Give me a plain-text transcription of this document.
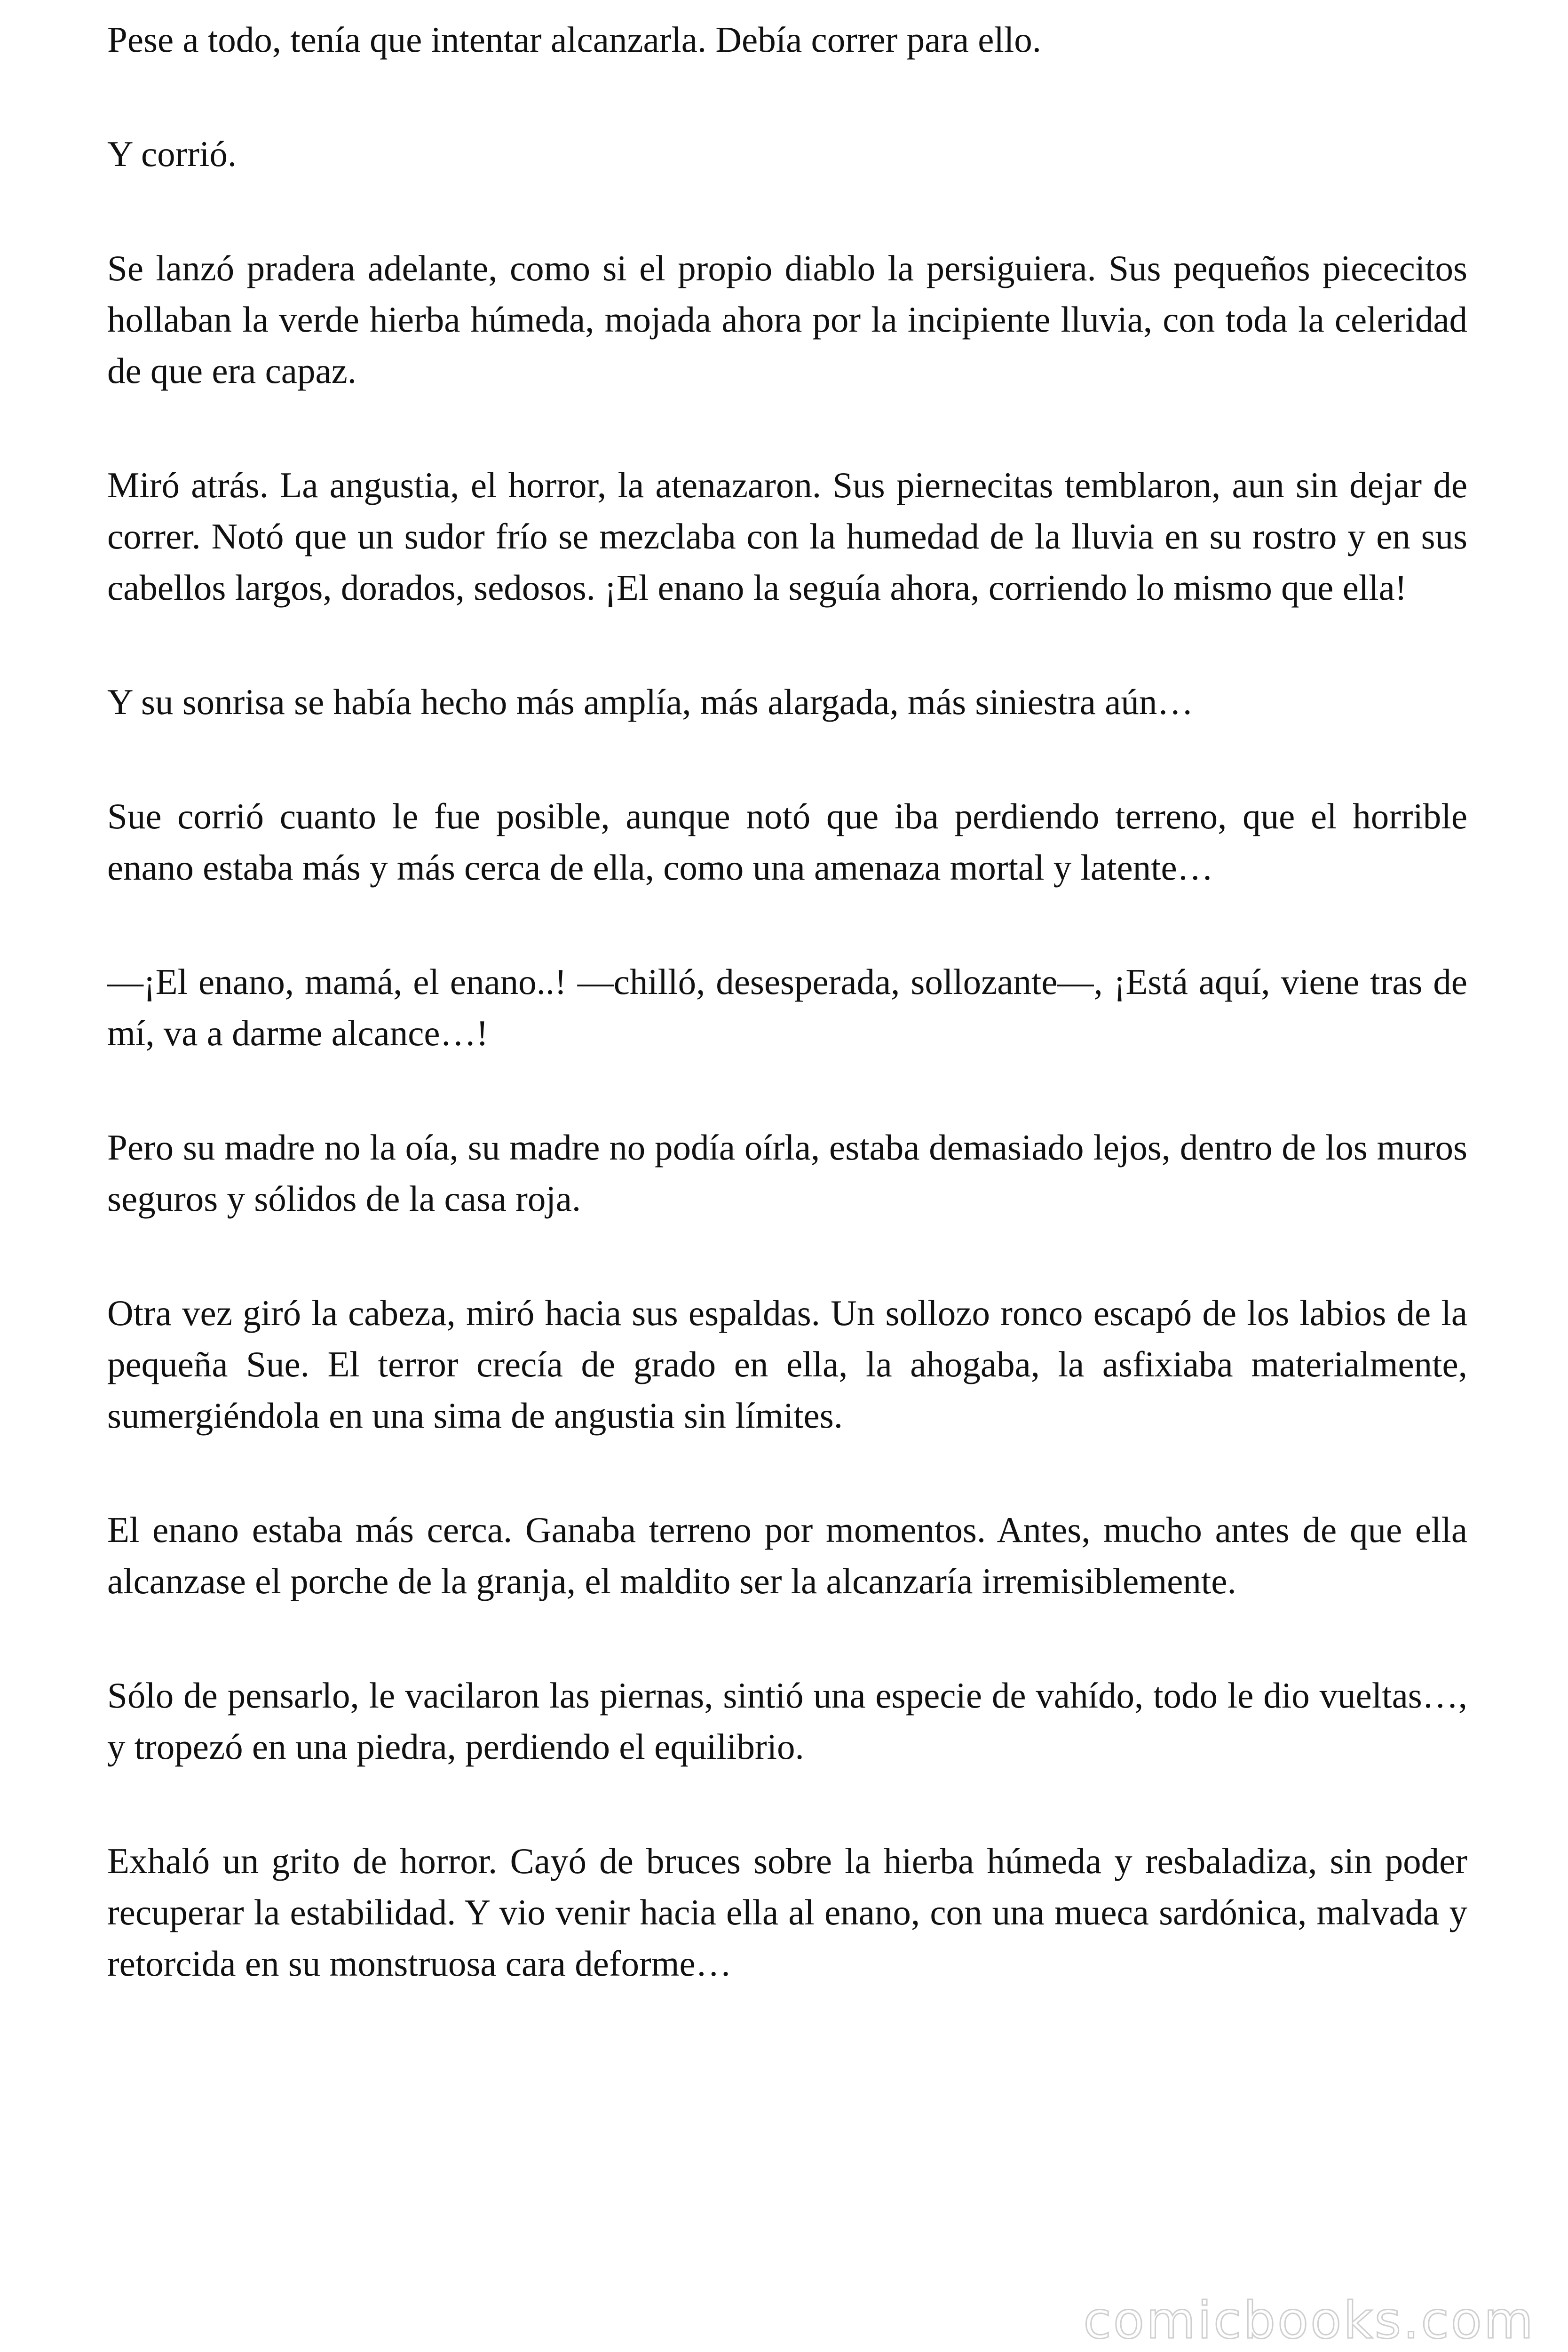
Pese a todo, tenía que intentar alcanzarla. Debía correr para ello.

Y corrió.

Se lanzó pradera adelante, como si el propio diablo la persiguiera. Sus pequeños piececitos hollaban la verde hierba húmeda, mojada ahora por la incipiente lluvia, con toda la celeridad de que era capaz.

Miró atrás. La angustia, el horror, la atenazaron. Sus piernecitas temblaron, aun sin dejar de correr. Notó que un sudor frío se mezclaba con la humedad de la lluvia en su rostro y en sus cabellos largos, dorados, sedosos. ¡El enano la seguía ahora, corriendo lo mismo que ella!

Y su sonrisa se había hecho más amplía, más alargada, más siniestra aún…

Sue corrió cuanto le fue posible, aunque notó que iba perdiendo terreno, que el horrible enano estaba más y más cerca de ella, como una amenaza mortal y latente…

—¡El enano, mamá, el enano..! —chilló, desesperada, sollozante—, ¡Está aquí, viene tras de mí, va a darme alcance…!

Pero su madre no la oía, su madre no podía oírla, estaba demasiado lejos, dentro de los muros seguros y sólidos de la casa roja.

Otra vez giró la cabeza, miró hacia sus espaldas. Un sollozo ronco escapó de los labios de la pequeña Sue. El terror crecía de grado en ella, la ahogaba, la asfixiaba materialmente, sumergiéndola en una sima de angustia sin límites.

El enano estaba más cerca. Ganaba terreno por momentos. Antes, mucho antes de que ella alcanzase el porche de la granja, el maldito ser la alcanzaría irremisiblemente.

Sólo de pensarlo, le vacilaron las piernas, sintió una especie de vahído, todo le dio vueltas…, y tropezó en una piedra, perdiendo el equilibrio.

Exhaló un grito de horror. Cayó de bruces sobre la hierba húmeda y resbaladiza, sin poder recuperar la estabilidad. Y vio venir hacia ella al enano, con una mueca sardónica, malvada y retorcida en su monstruosa cara deforme…

comicbooks.com
